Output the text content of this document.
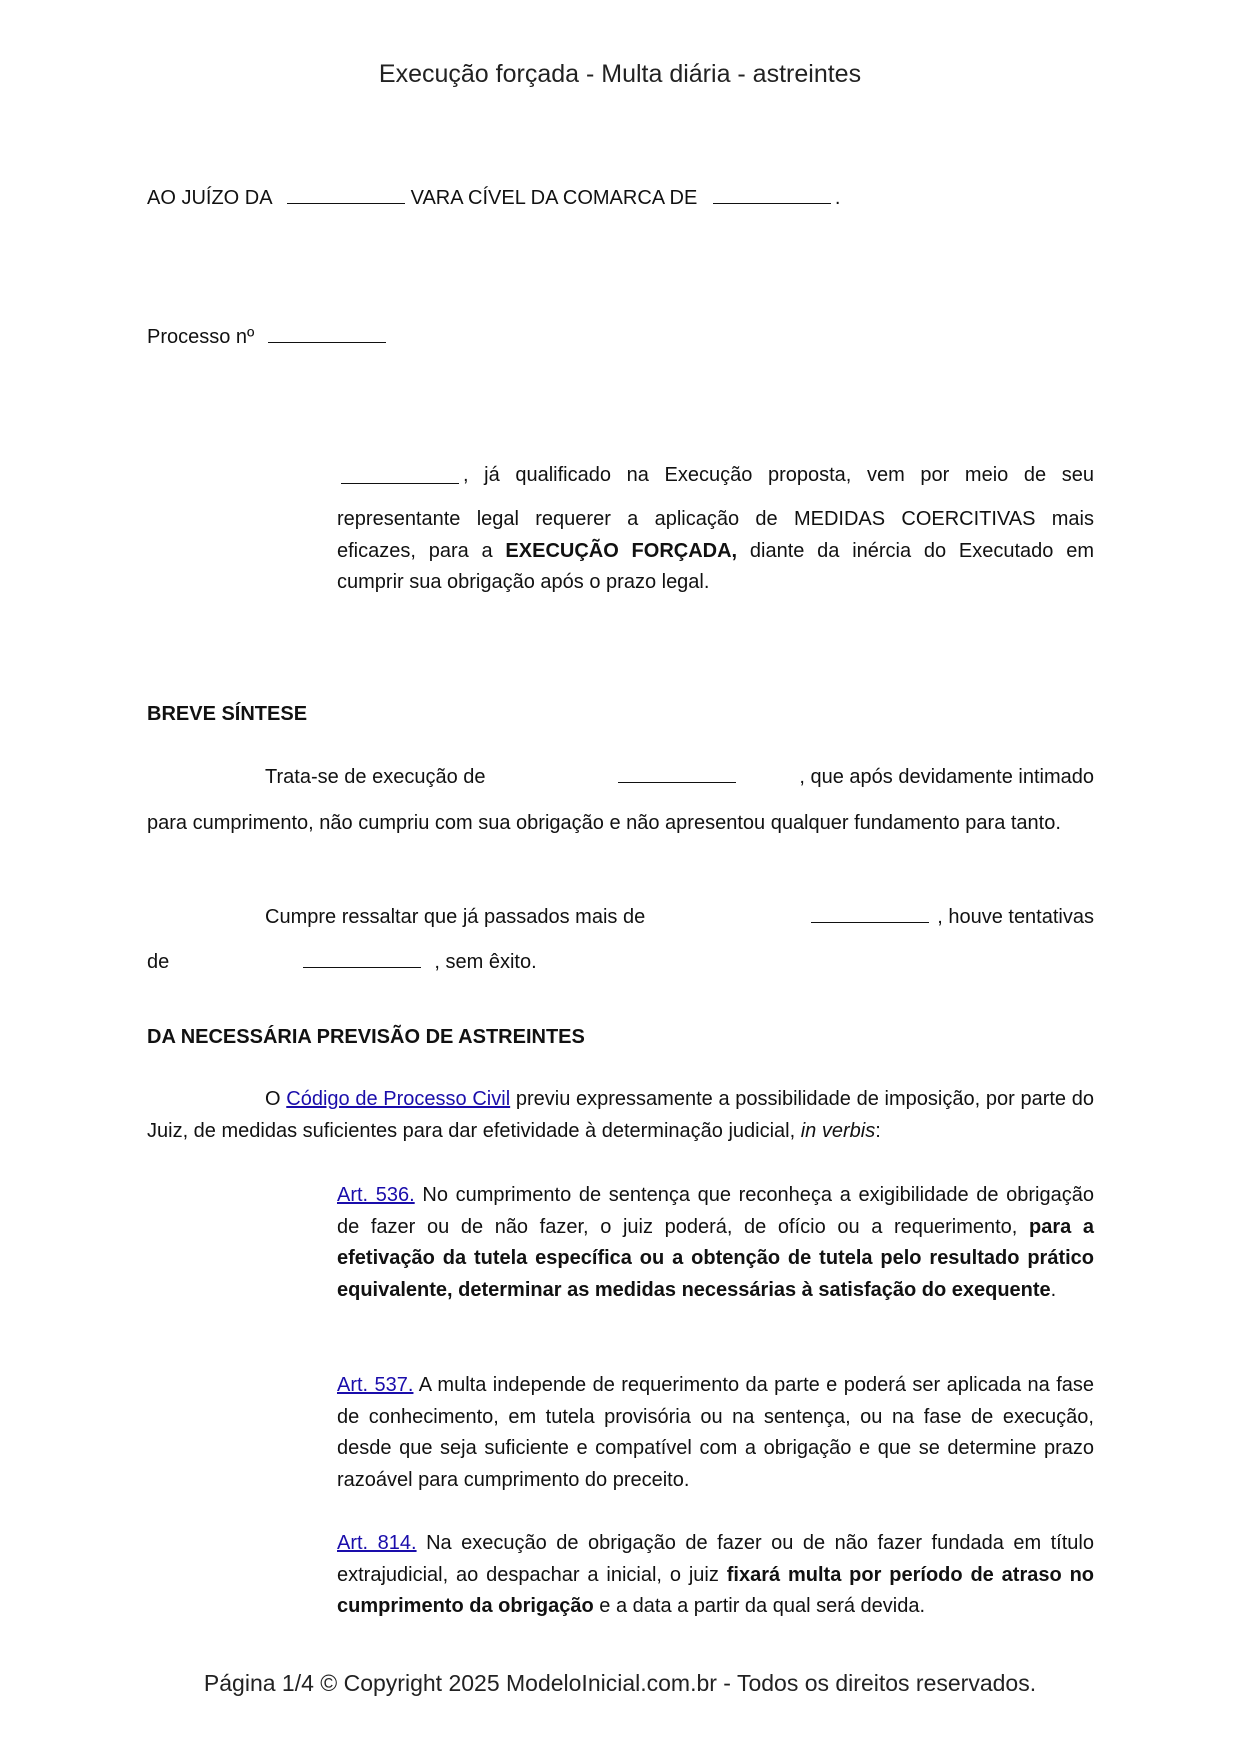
Execução forçada - Multa diária - astreintes
AO JUÍZO DA	VARA CÍVEL DA COMARCA DE	.
Processo nº
, já qualificado na Execução proposta, vem por meio de seu
representante legal requerer a aplicação de MEDIDAS COERCITIVAS mais
eficazes, para a EXECUÇÃO FORÇADA, diante da inércia do Executado em
cumprir sua obrigação após o prazo legal.
BREVE SÍNTESE
Trata-se de execução de	, que após devidamente intimado
para cumprimento, não cumpriu com sua obrigação e não apresentou qualquer fundamento para tanto.
Cumpre ressaltar que já passados mais de	, houve tentativas
de	, sem êxito.
DA NECESSÁRIA PREVISÃO DE ASTREINTES
O Código de Processo Civil previu expressamente a possibilidade de imposição, por parte do Juiz, de medidas suficientes para dar efetividade à determinação judicial, in verbis:
Art. 536. No cumprimento de sentença que reconheça a exigibilidade de obrigação de fazer ou de não fazer, o juiz poderá, de ofício ou a requerimento, para a efetivação da tutela específica ou a obtenção de tutela pelo resultado prático equivalente, determinar as medidas necessárias à satisfação do exequente.
Art. 537. A multa independe de requerimento da parte e poderá ser aplicada na fase de conhecimento, em tutela provisória ou na sentença, ou na fase de execução, desde que seja suficiente e compatível com a obrigação e que se determine prazo razoável para cumprimento do preceito.
Art. 814. Na execução de obrigação de fazer ou de não fazer fundada em título extrajudicial, ao despachar a inicial, o juiz fixará multa por período de atraso no cumprimento da obrigação e a data a partir da qual será devida.
Página 1/4 © Copyright 2025 ModeloInicial.com.br - Todos os direitos reservados.
